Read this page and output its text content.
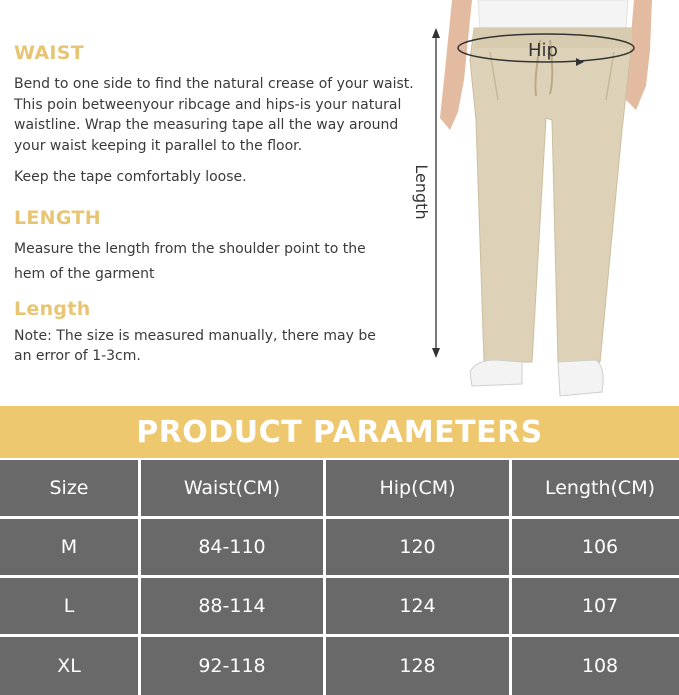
WAIST

Bend to one side to find the natural crease of your waist.
This poin betweenyour ribcage and hips-is your natural
waistline. Wrap the measuring tape all the way around
your waist keeping it parallel to the floor.

Keep the tape comfortably loose.

LENGTH

Measure the length from the shoulder point to the
hem of the garment

Length

Note: The size is measured manually, there may be
an error of 1-3cm.

Hip
Length
PRODUCT PARAMETERS
Size	Waist(CM)	Hip(CM)	Length(CM)
M	84-110	120	106
L	88-114	124	107
XL	92-118	128	108
